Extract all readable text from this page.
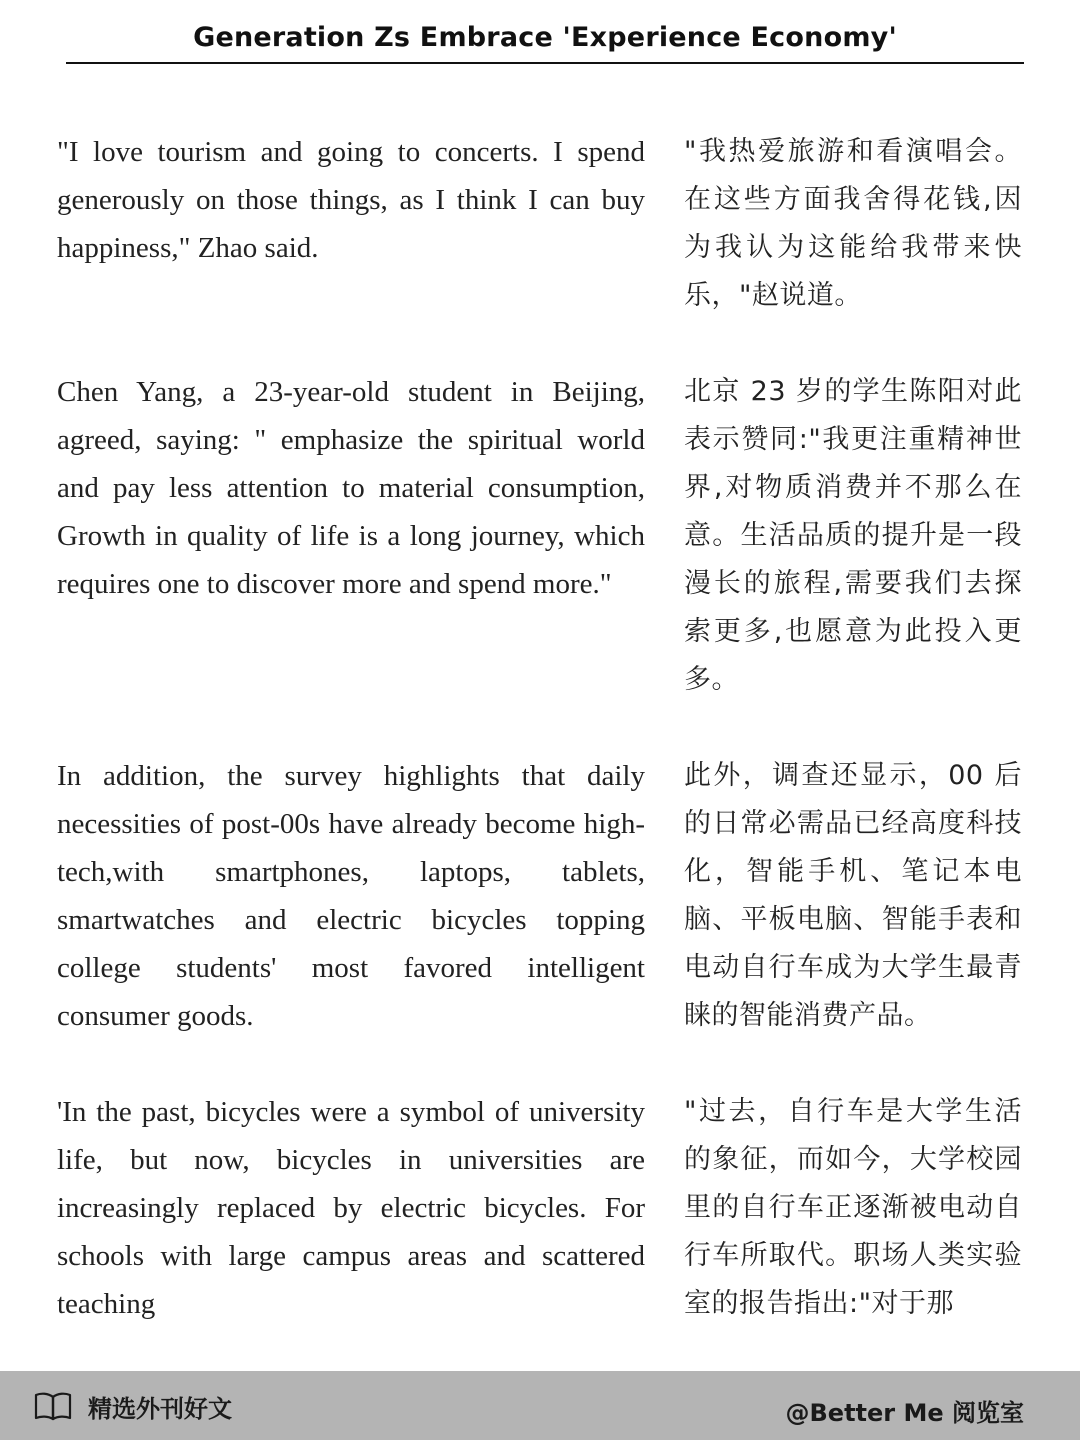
Generation Zs Embrace 'Experience Economy'

"I love tourism and going to concerts. I spend generously on those things, as I think I can buy happiness," Zhao said.

"我热爱旅游和看演唱会。在这些方面我舍得花钱,因为我认为这能给我带来快乐，"赵说道。

Chen Yang, a 23-year-old student in Beijing, agreed, saying: " emphasize the spiritual world and pay less attention to material consumption, Growth in quality of life is a long journey, which requires one to discover more and spend more."

北京 23 岁的学生陈阳对此表示赞同:"我更注重精神世界,对物质消费并不那么在意。生活品质的提升是一段漫长的旅程,需要我们去探索更多,也愿意为此投入更多。

In addition, the survey highlights that daily necessities of post-00s have already become high-tech,with smartphones, laptops, tablets, smartwatches and electric bicycles topping college students' most favored intelligent consumer goods.

此外，调查还显示，00 后的日常必需品已经高度科技化，智能手机、笔记本电脑、平板电脑、智能手表和电动自行车成为大学生最青睐的智能消费产品。

'In the past, bicycles were a symbol of university life, but now, bicycles in universities are increasingly replaced by electric bicycles. For schools with large campus areas and scattered teaching

"过去，自行车是大学生活的象征，而如今，大学校园里的自行车正逐渐被电动自行车所取代。职场人类实验室的报告指出:"对于那

精选外刊好文	@Better Me 阅览室
